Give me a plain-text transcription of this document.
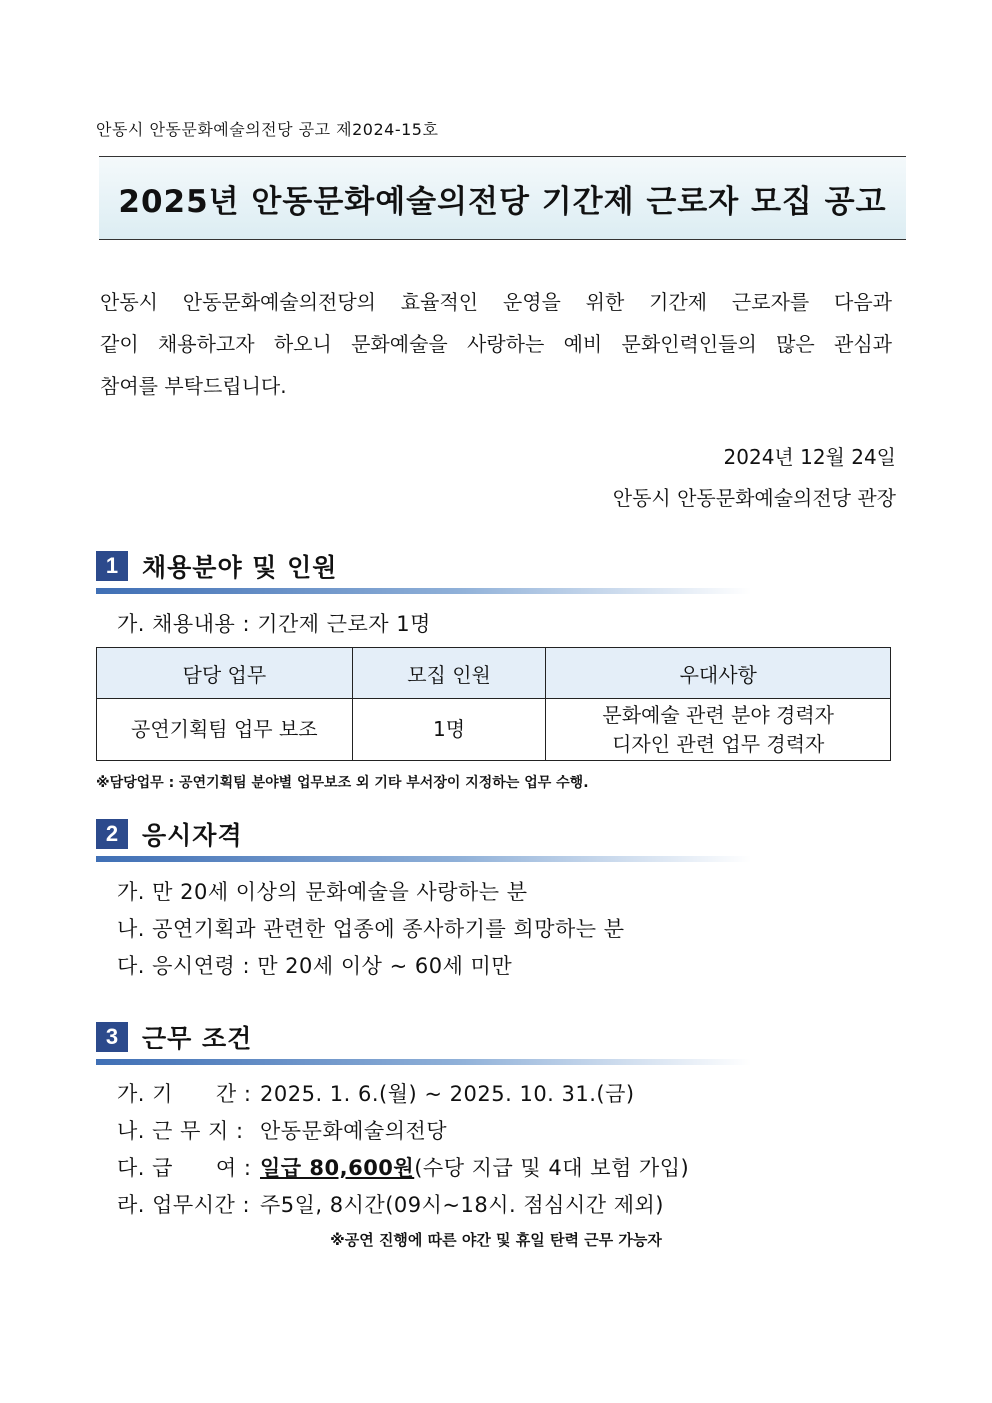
안동시 안동문화예술의전당 공고 제2024-15호
2025년 안동문화예술의전당 기간제 근로자 모집 공고
안동시 안동문화예술의전당의 효율적인 운영을 위한 기간제 근로자를 다음과
같이 채용하고자 하오니 문화예술을 사랑하는 예비 문화인력인들의 많은 관심과
참여를 부탁드립니다.
2024년 12월 24일
안동시 안동문화예술의전당 관장
1 채용분야 및 인원
가. 채용내용 : 기간제 근로자 1명
담당 업무	모집 인원	우대사항
공연기획팀 업무 보조	1명	문화예술 관련 분야 경력자
디자인 관련 업무 경력자
※담당업무 : 공연기획팀 분야별 업무보조 외 기타 부서장이 지정하는 업무 수행.
2 응시자격
가. 만 20세 이상의 문화예술을 사랑하는 분
나. 공연기획과 관련한 업종에 종사하기를 희망하는 분
다. 응시연령 : 만 20세 이상 ~ 60세 미만
3 근무 조건
가. 기　　간 : 2025. 1. 6.(월) ~ 2025. 10. 31.(금)
나. 근 무 지 : 안동문화예술의전당
다. 급　　여 : 일급 80,600원(수당 지급 및 4대 보험 가입)
라. 업무시간 : 주5일, 8시간(09시~18시. 점심시간 제외)
※공연 진행에 따른 야간 및 휴일 탄력 근무 가능자
